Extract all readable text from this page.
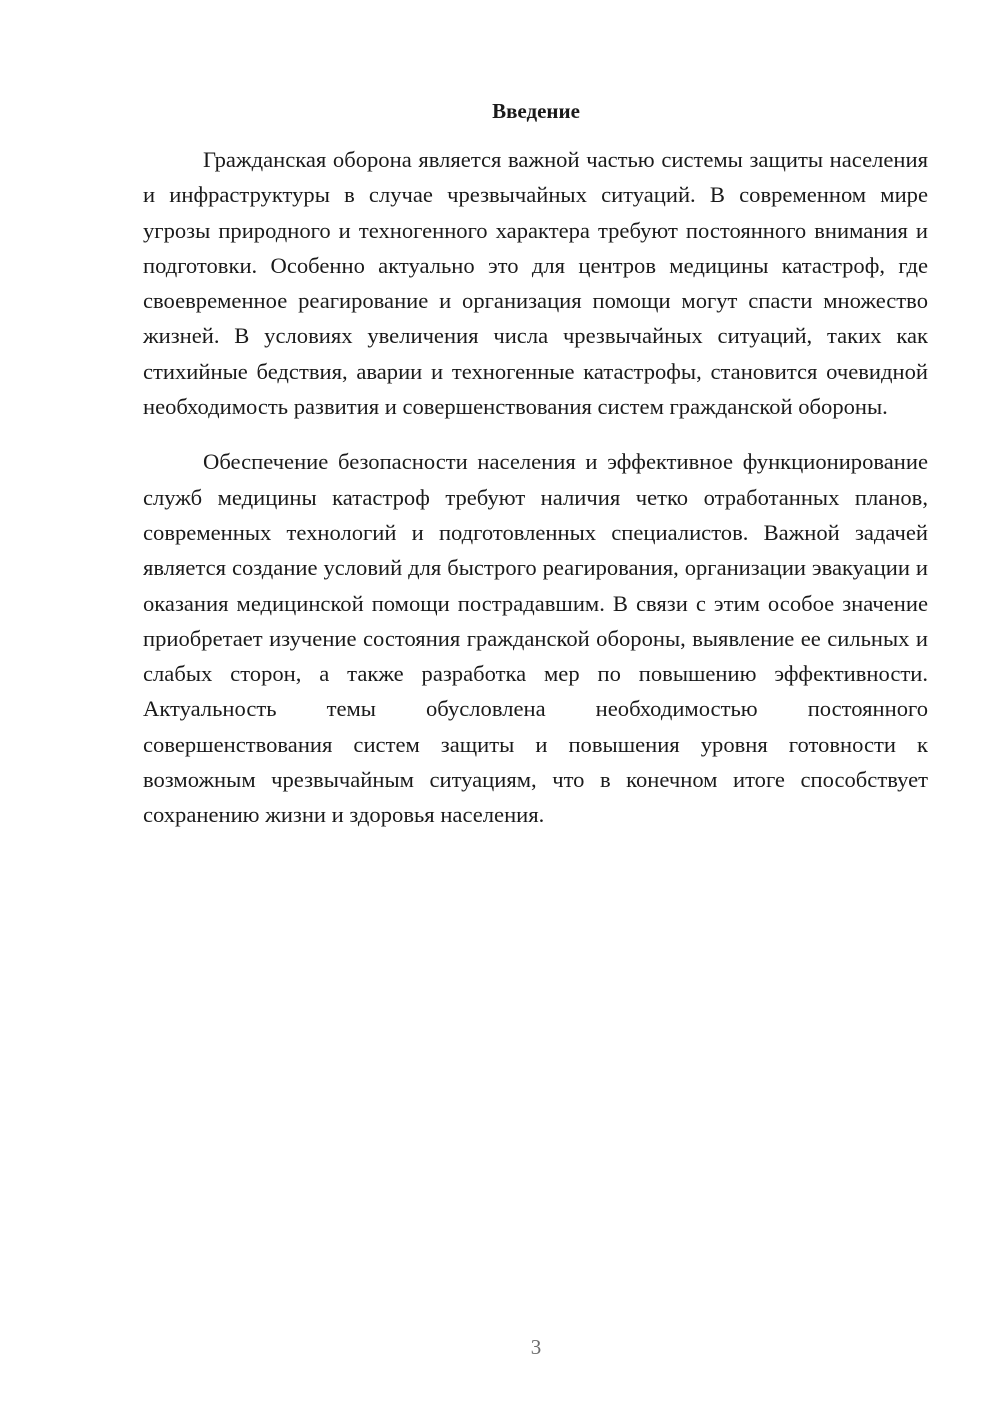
Введение

Гражданская оборона является важной частью системы защиты населения и инфраструктуры в случае чрезвычайных ситуаций. В современном мире угрозы природного и техногенного характера требуют постоянного внимания и подготовки. Особенно актуально это для центров медицины катастроф, где своевременное реагирование и организация помощи могут спасти множество жизней. В условиях увеличения числа чрезвычайных ситуаций, таких как стихийные бедствия, аварии и техногенные катастрофы, становится очевидной необходимость развития и совершенствования систем гражданской обороны.

Обеспечение безопасности населения и эффективное функционирование служб медицины катастроф требуют наличия четко отработанных планов, современных технологий и подготовленных специалистов. Важной задачей является создание условий для быстрого реагирования, организации эвакуации и оказания медицинской помощи пострадавшим. В связи с этим особое значение приобретает изучение состояния гражданской обороны, выявление ее сильных и слабых сторон, а также разработка мер по повышению эффективности. Актуальность темы обусловлена необходимостью постоянного совершенствования систем защиты и повышения уровня готовности к возможным чрезвычайным ситуациям, что в конечном итоге способствует сохранению жизни и здоровья населения.

3
